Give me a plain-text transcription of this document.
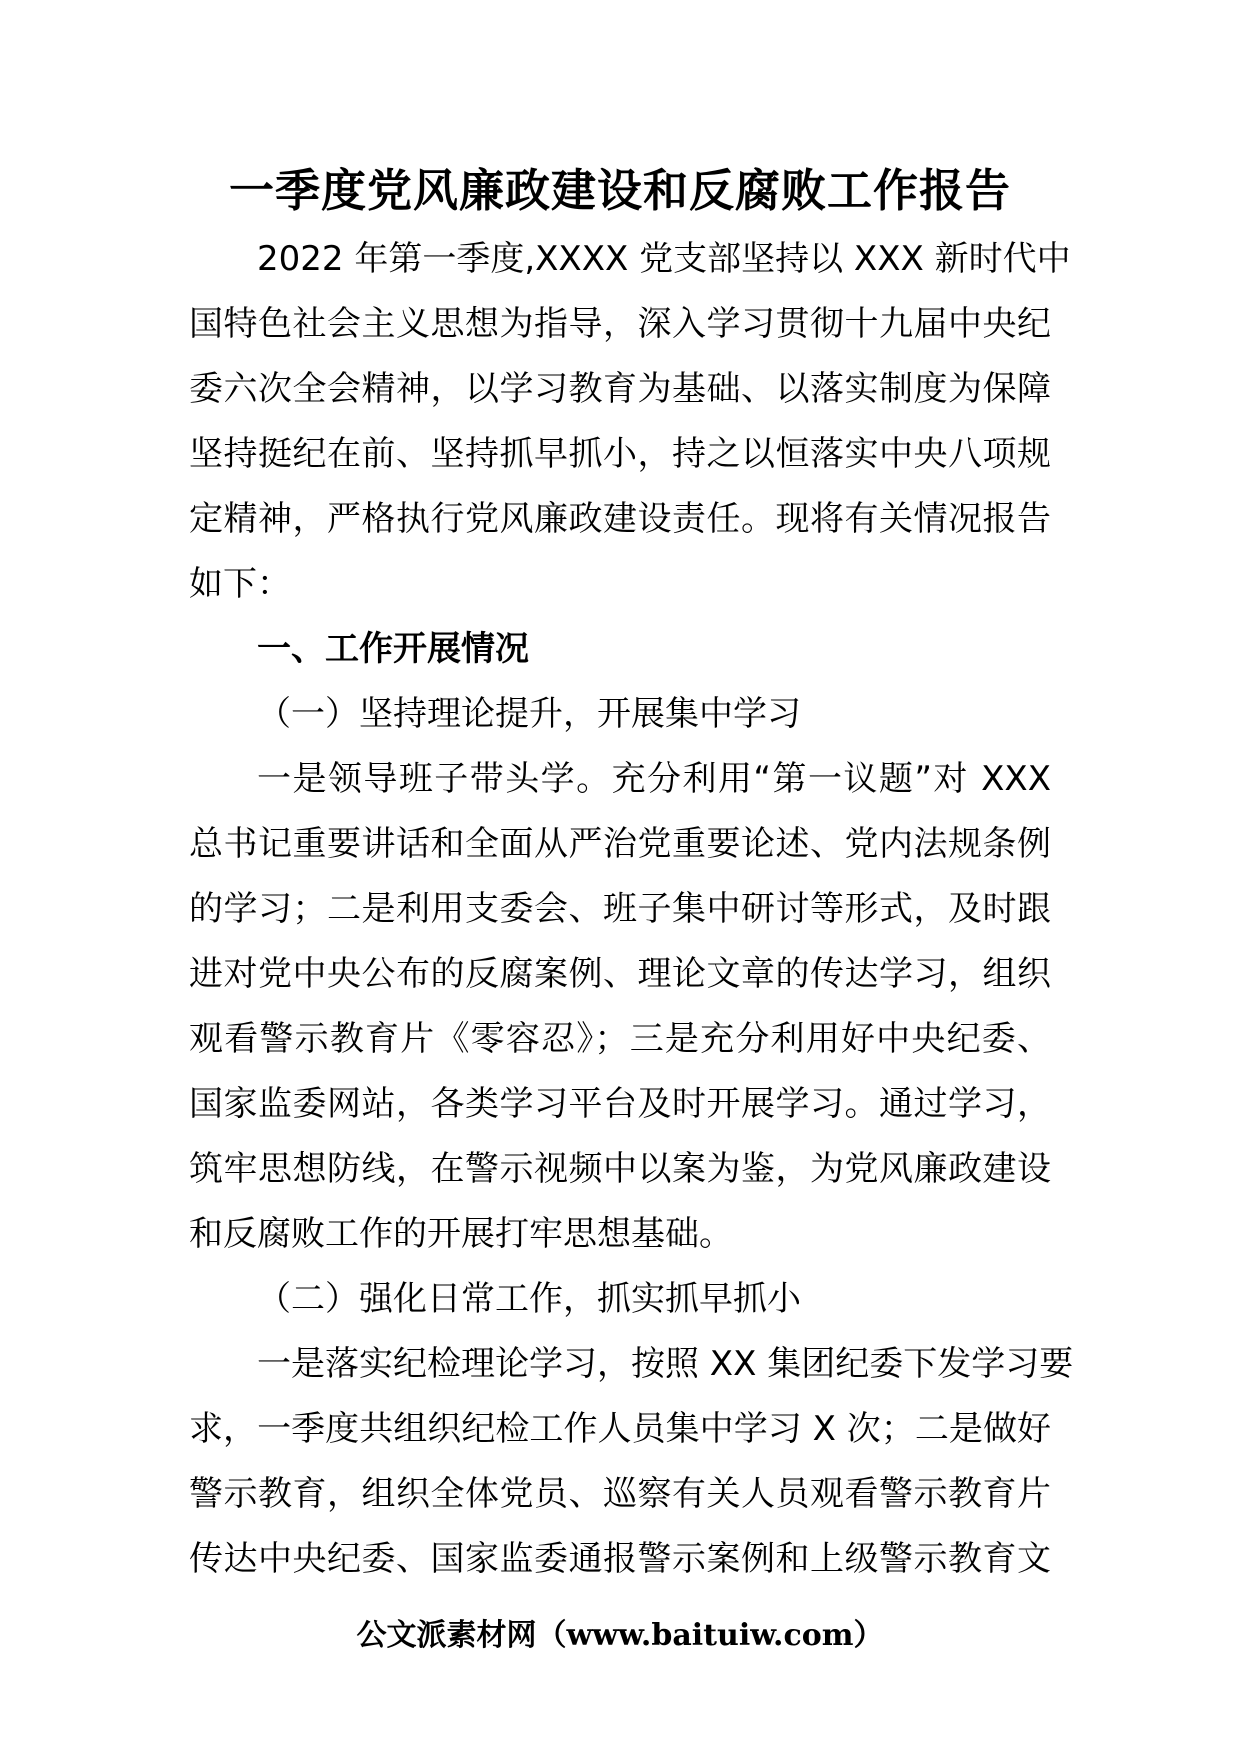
一季度党风廉政建设和反腐败工作报告
2022 年第一季度,XXXX 党支部坚持以 XXX 新时代中
国特色社会主义思想为指导，深入学习贯彻十九届中央纪
委六次全会精神，以学习教育为基础、以落实制度为保障
坚持挺纪在前、坚持抓早抓小，持之以恒落实中央八项规
定精神，严格执行党风廉政建设责任。现将有关情况报告
如下：
一、工作开展情况
（一）坚持理论提升，开展集中学习
一是领导班子带头学。充分利用“第一议题”对 XXX
总书记重要讲话和全面从严治党重要论述、党内法规条例
的学习；二是利用支委会、班子集中研讨等形式，及时跟
进对党中央公布的反腐案例、理论文章的传达学习，组织
观看警示教育片《零容忍》；三是充分利用好中央纪委、
国家监委网站，各类学习平台及时开展学习。通过学习，
筑牢思想防线，在警示视频中以案为鉴，为党风廉政建设
和反腐败工作的开展打牢思想基础。
（二）强化日常工作，抓实抓早抓小
一是落实纪检理论学习，按照 XX 集团纪委下发学习要
求，一季度共组织纪检工作人员集中学习 X 次；二是做好
警示教育，组织全体党员、巡察有关人员观看警示教育片
传达中央纪委、国家监委通报警示案例和上级警示教育文
公文派素材网（www.baituiw.com）
